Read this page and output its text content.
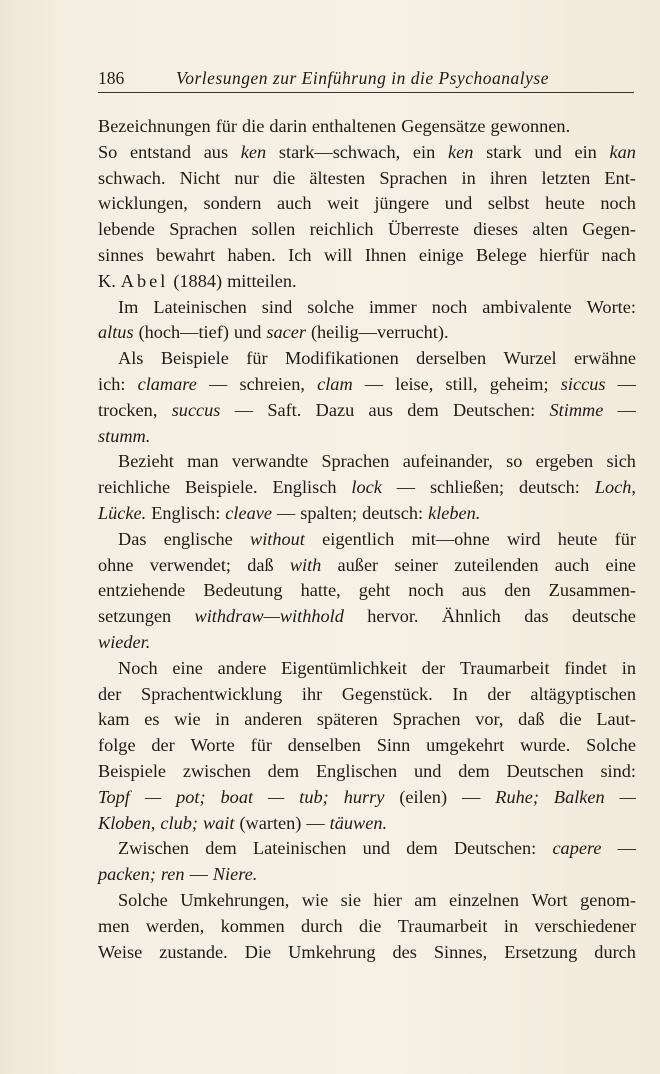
186	Vorlesungen zur Einführung in die Psychoanalyse
Bezeichnungen für die darin enthaltenen Gegensätze gewonnen.
So entstand aus ken stark—schwach, ein ken stark und ein kan
schwach. Nicht nur die ältesten Sprachen in ihren letzten Ent-
wicklungen, sondern auch weit jüngere und selbst heute noch
lebende Sprachen sollen reichlich Überreste dieses alten Gegen-
sinnes bewahrt haben. Ich will Ihnen einige Belege hierfür nach
K. Abel (1884) mitteilen.
Im Lateinischen sind solche immer noch ambivalente Worte:
altus (hoch—tief) und sacer (heilig—verrucht).
Als Beispiele für Modifikationen derselben Wurzel erwähne
ich: clamare — schreien, clam — leise, still, geheim; siccus —
trocken, succus — Saft. Dazu aus dem Deutschen: Stimme —
stumm.
Bezieht man verwandte Sprachen aufeinander, so ergeben sich
reichliche Beispiele. Englisch lock — schließen; deutsch: Loch,
Lücke. Englisch: cleave — spalten; deutsch: kleben.
Das englische without eigentlich mit—ohne wird heute für
ohne verwendet; daß with außer seiner zuteilenden auch eine
entziehende Bedeutung hatte, geht noch aus den Zusammen-
setzungen withdraw—withhold hervor. Ähnlich das deutsche
wieder.
Noch eine andere Eigentümlichkeit der Traumarbeit findet in
der Sprachentwicklung ihr Gegenstück. In der altägyptischen
kam es wie in anderen späteren Sprachen vor, daß die Laut-
folge der Worte für denselben Sinn umgekehrt wurde. Solche
Beispiele zwischen dem Englischen und dem Deutschen sind:
Topf — pot; boat — tub; hurry (eilen) — Ruhe; Balken —
Kloben, club; wait (warten) — täuwen.
Zwischen dem Lateinischen und dem Deutschen: capere —
packen; ren — Niere.
Solche Umkehrungen, wie sie hier am einzelnen Wort genom-
men werden, kommen durch die Traumarbeit in verschiedener
Weise zustande. Die Umkehrung des Sinnes, Ersetzung durch
